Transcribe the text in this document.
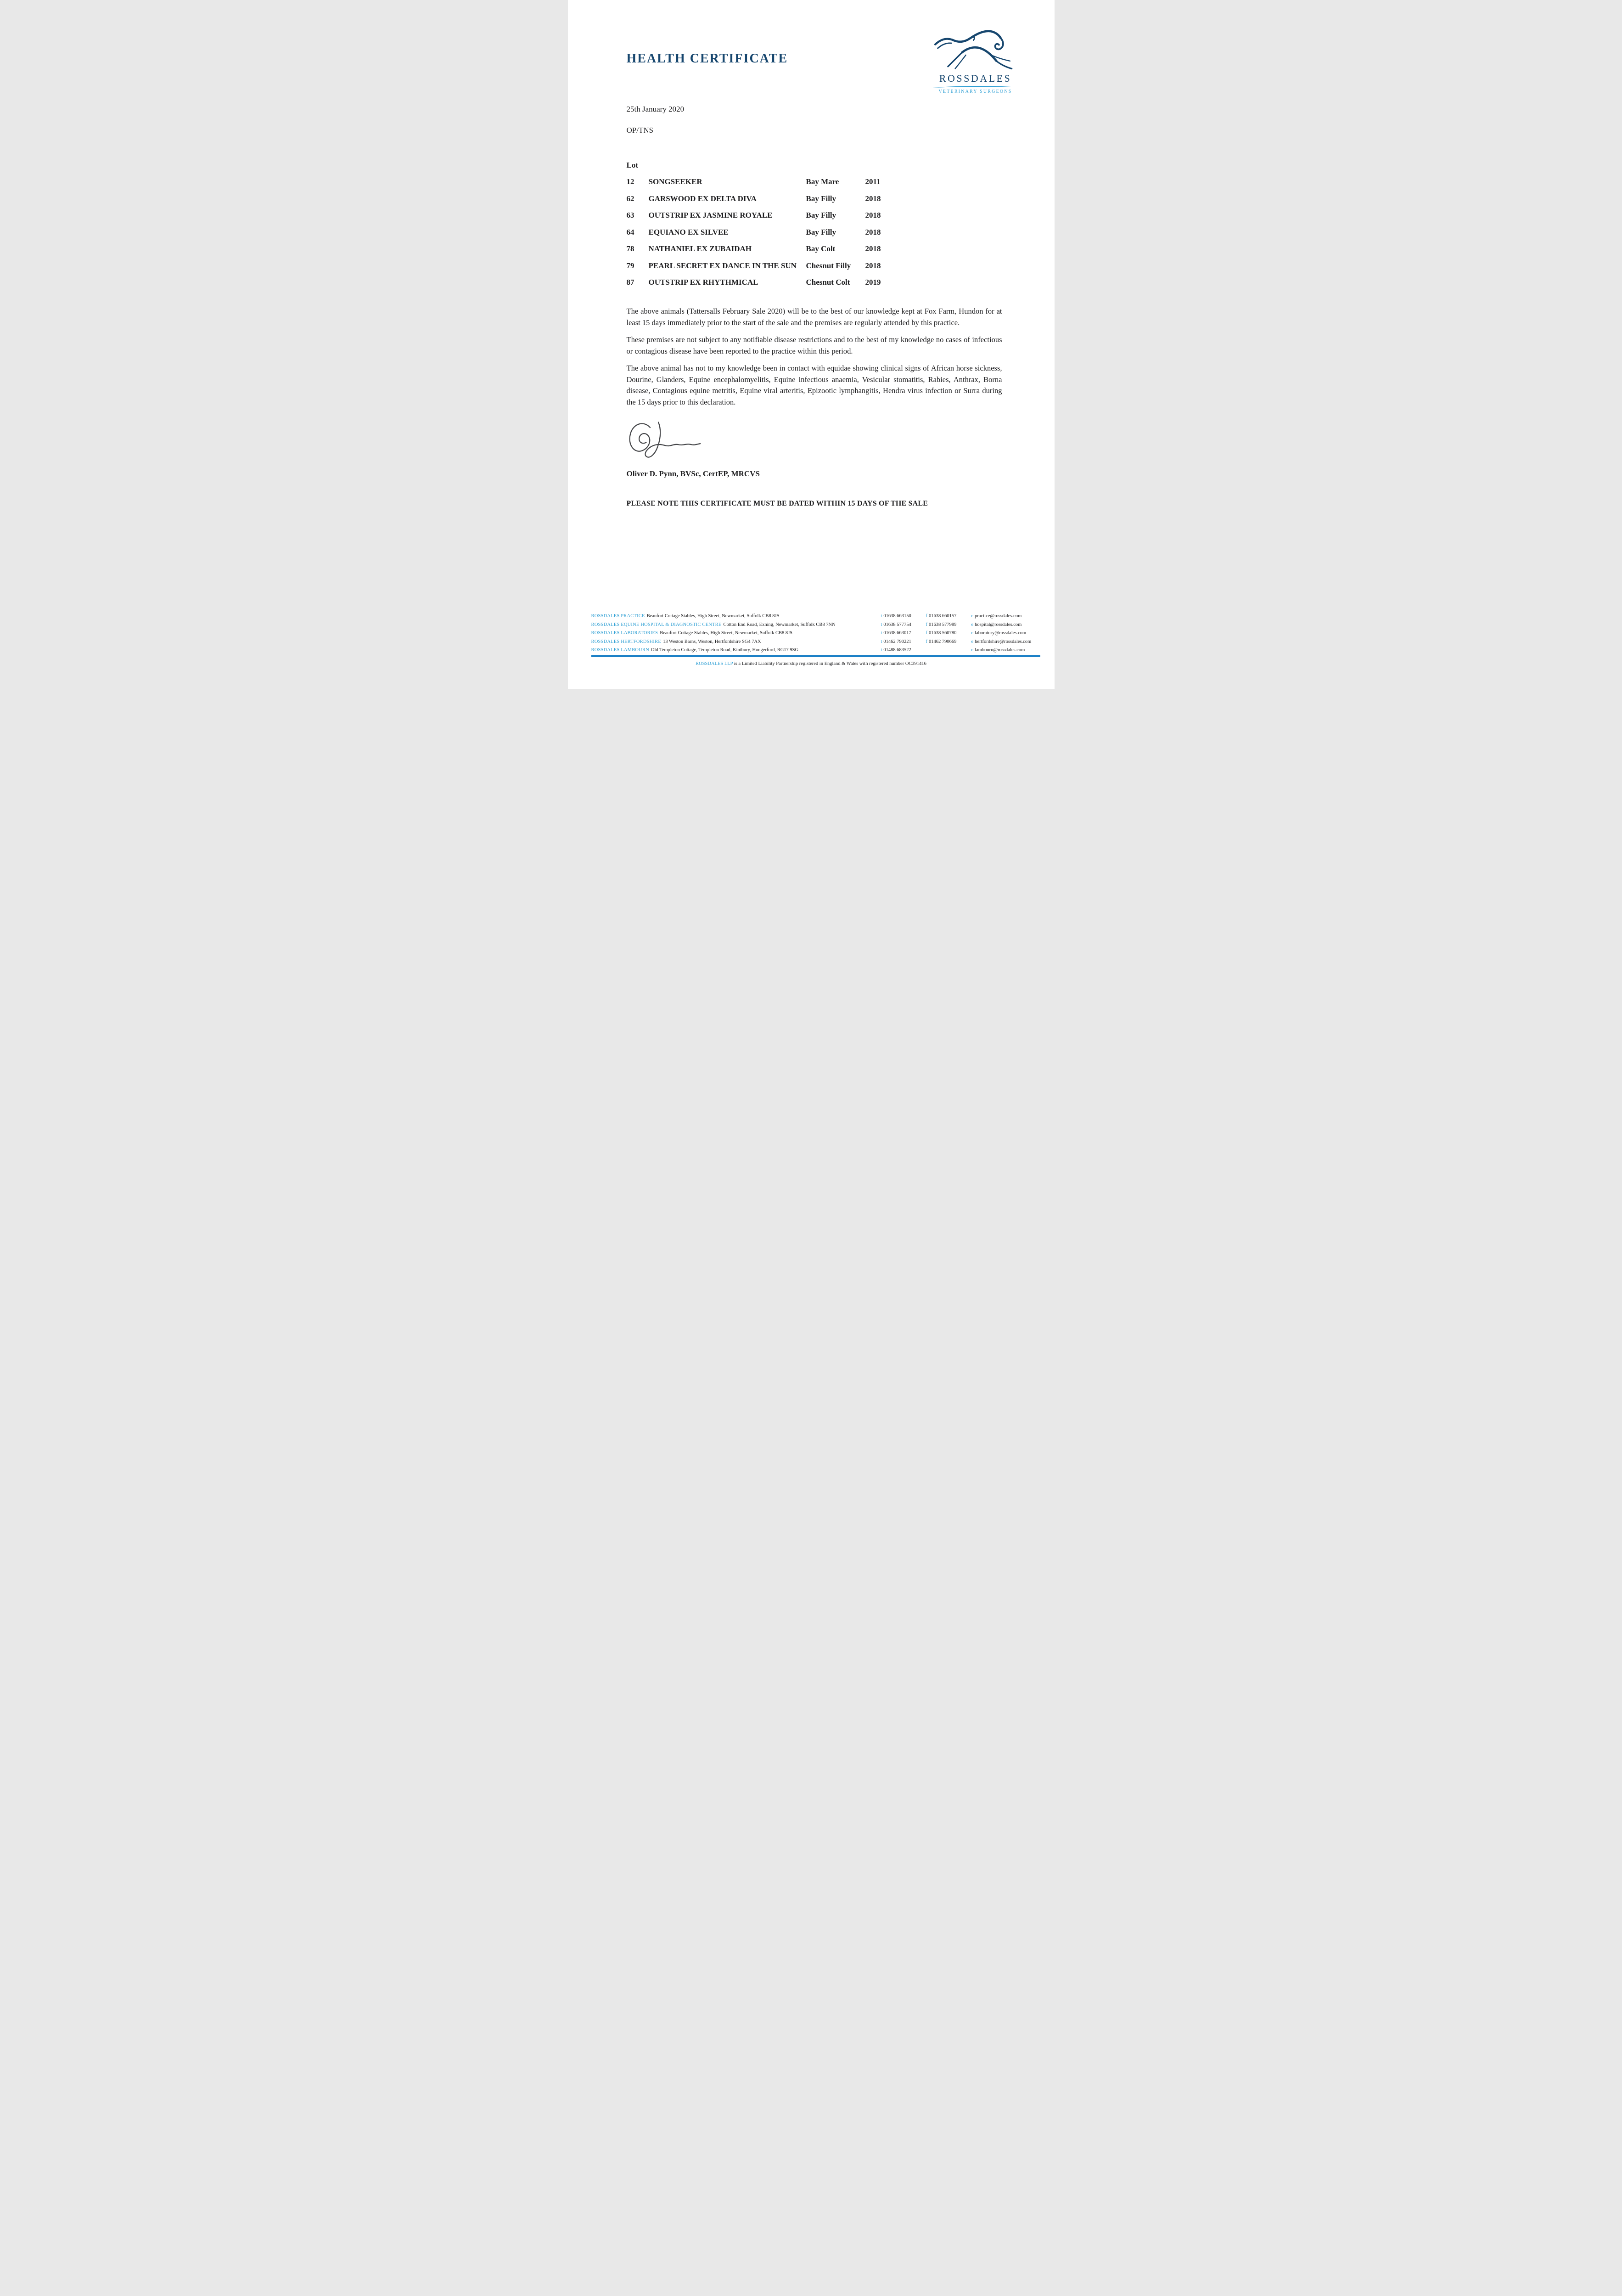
HEALTH CERTIFICATE
ROSSDALES
VETERINARY SURGEONS
25th January 2020
OP/TNS
Lot
12	SONGSEEKER	Bay Mare	2011
62	GARSWOOD EX DELTA DIVA	Bay Filly	2018
63	OUTSTRIP EX JASMINE ROYALE	Bay Filly	2018
64	EQUIANO EX SILVEE	Bay Filly	2018
78	NATHANIEL EX ZUBAIDAH	Bay Colt	2018
79	PEARL SECRET EX DANCE IN THE SUN	Chesnut Filly	2018
87	OUTSTRIP EX RHYTHMICAL	Chesnut Colt	2019

The above animals (Tattersalls February Sale 2020) will be to the best of our knowledge kept at Fox Farm, Hundon for at least 15 days immediately prior to the start of the sale and the premises are regularly attended by this practice.

These premises are not subject to any notifiable disease restrictions and to the best of my knowledge no cases of infectious or contagious disease have been reported to the practice within this period.

The above animal has not to my knowledge been in contact with equidae showing clinical signs of African horse sickness, Dourine, Glanders, Equine encephalomyelitis, Equine infectious anaemia, Vesicular stomatitis, Rabies, Anthrax, Borna disease, Contagious equine metritis, Equine viral arteritis, Epizootic lymphangitis, Hendra virus infection or Surra during the 15 days prior to this declaration.

Oliver D. Pynn, BVSc, CertEP, MRCVS
PLEASE NOTE THIS CERTIFICATE MUST BE DATED WITHIN 15 DAYS OF THE SALE
ROSSDALES PRACTICE Beaufort Cottage Stables, High Street, Newmarket, Suffolk CB8 8JS	t 01638 663150	f 01638 660157	e practice@rossdales.com
ROSSDALES EQUINE HOSPITAL & DIAGNOSTIC CENTRE Cotton End Road, Exning, Newmarket, Suffolk CB8 7NN	t 01638 577754	f 01638 577989	e hospital@rossdales.com
ROSSDALES LABORATORIES Beaufort Cottage Stables, High Street, Newmarket, Suffolk CB8 8JS	t 01638 663017	f 01638 560780	e laboratory@rossdales.com
ROSSDALES HERTFORDSHIRE 13 Weston Barns, Weston, Hertfordshire SG4 7AX	t 01462 790221	f 01462 790669	e hertfordshire@rossdales.com
ROSSDALES LAMBOURN Old Templeton Cottage, Templeton Road, Kintbury, Hungerford, RG17 9SG	t 01488 683522	e lambourn@rossdales.com
ROSSDALES LLP is a Limited Liability Partnership registered in England & Wales with registered number OC391416
